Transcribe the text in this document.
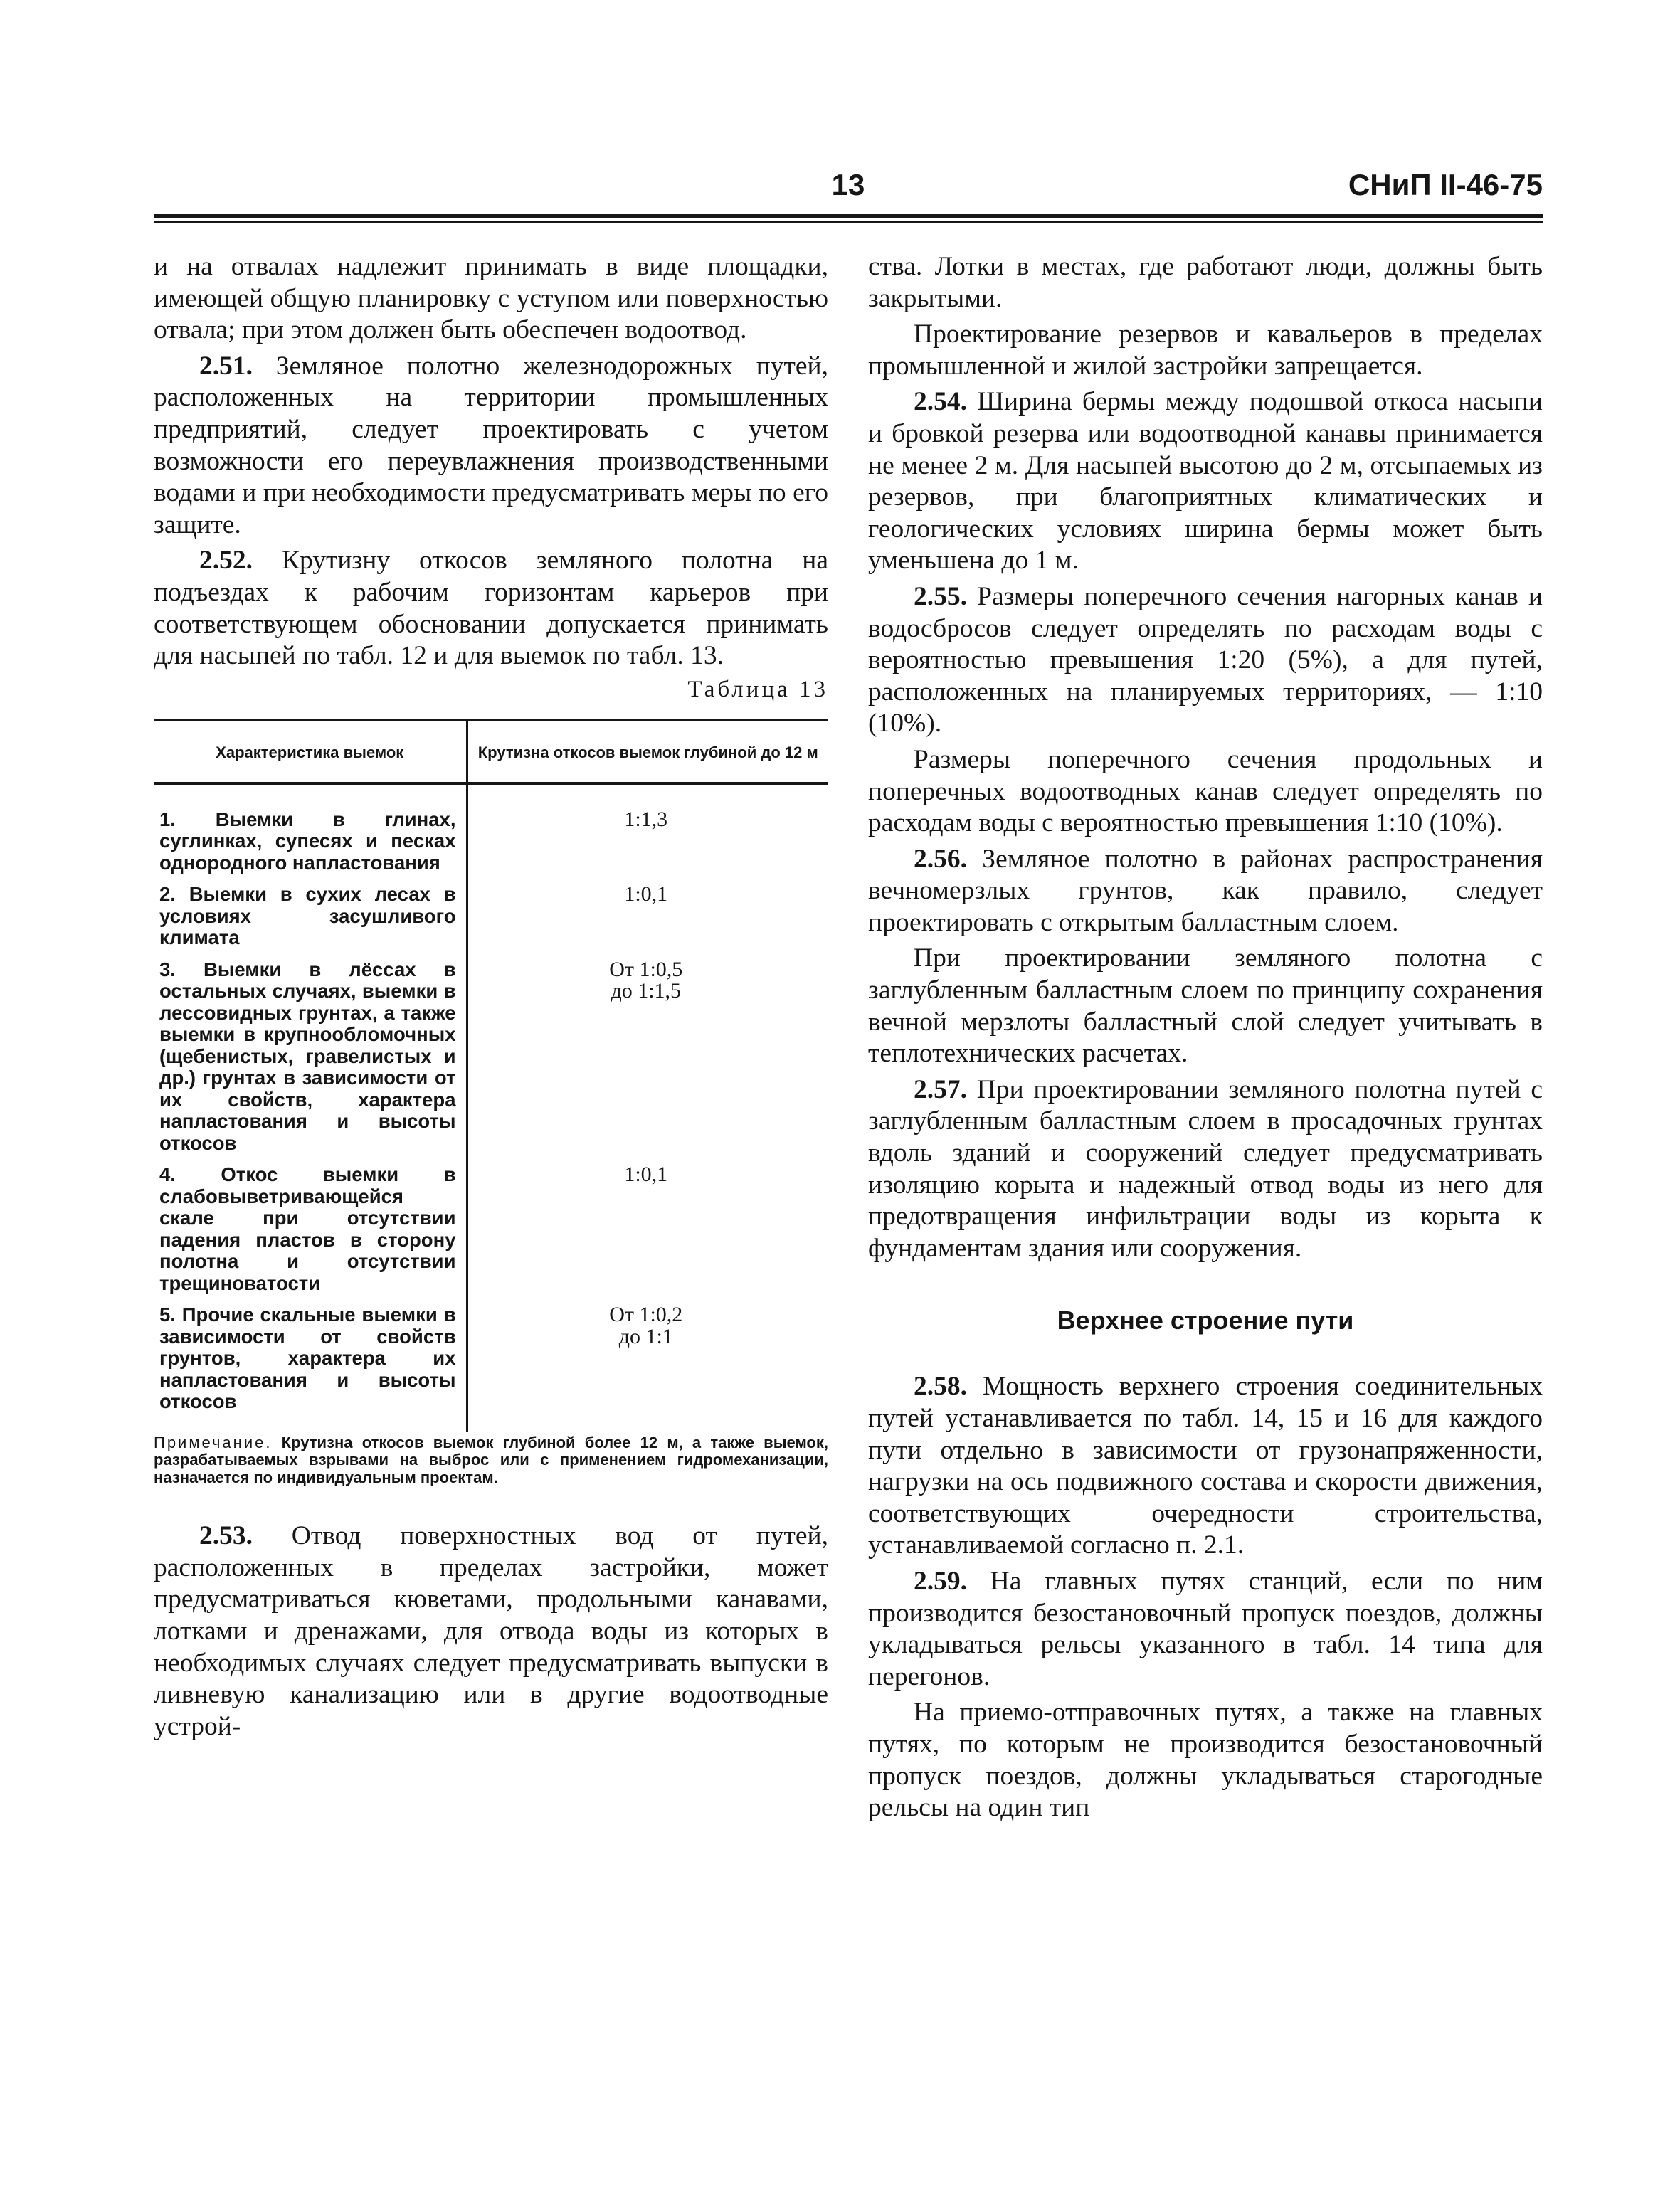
13	СНиП II-46-75

и на отвалах надлежит принимать в виде площадки, имеющей общую планировку с уступом или поверхностью отвала; при этом должен быть обеспечен водоотвод.

2.51. Земляное полотно железнодорожных путей, расположенных на территории промышленных предприятий, следует проектировать с учетом возможности его переувлажнения производственными водами и при необходимости предусматривать меры по его защите.

2.52. Крутизну откосов земляного полотна на подъездах к рабочим горизонтам карьеров при соответствующем обосновании допускается принимать для насыпей по табл. 12 и для выемок по табл. 13.

Таблица 13
Характеристика выемок	Крутизна откосов выемок глубиной до 12 м
1. Выемки в глинах, суглинках, супесях и песках однородного напластования	1:1,3
2. Выемки в сухих лесах в условиях засушливого климата	1:0,1
3. Выемки в лёссах в остальных случаях, выемки в лессовидных грунтах, а также выемки в крупнообломочных (щебенистых, гравелистых и др.) грунтах в зависимости от их свойств, характера напластования и высоты откосов	От 1:0,5
до 1:1,5
4. Откос выемки в слабовыветривающейся скале при отсутствии падения пластов в сторону полотна и отсутствии трещиноватости	1:0,1
5. Прочие скальные выемки в зависимости от свойств грунтов, характера их напластования и высоты откосов	От 1:0,2
до 1:1

Примечание. Крутизна откосов выемок глубиной более 12 м, а также выемок, разрабатываемых взрывами на выброс или с применением гидромеханизации, назначается по индивидуальным проектам.

2.53. Отвод поверхностных вод от путей, расположенных в пределах застройки, может предусматриваться кюветами, продольными канавами, лотками и дренажами, для отвода воды из которых в необходимых случаях следует предусматривать выпуски в ливневую канализацию или в другие водоотводные устрой-

ства. Лотки в местах, где работают люди, должны быть закрытыми.

Проектирование резервов и кавальеров в пределах промышленной и жилой застройки запрещается.

2.54. Ширина бермы между подошвой откоса насыпи и бровкой резерва или водоотводной канавы принимается не менее 2 м. Для насыпей высотою до 2 м, отсыпаемых из резервов, при благоприятных климатических и геологических условиях ширина бермы может быть уменьшена до 1 м.

2.55. Размеры поперечного сечения нагорных канав и водосбросов следует определять по расходам воды с вероятностью превышения 1:20 (5%), а для путей, расположенных на планируемых территориях, — 1:10 (10%).

Размеры поперечного сечения продольных и поперечных водоотводных канав следует определять по расходам воды с вероятностью превышения 1:10 (10%).

2.56. Земляное полотно в районах распространения вечномерзлых грунтов, как правило, следует проектировать с открытым балластным слоем.

При проектировании земляного полотна с заглубленным балластным слоем по принципу сохранения вечной мерзлоты балластный слой следует учитывать в теплотехнических расчетах.

2.57. При проектировании земляного полотна путей с заглубленным балластным слоем в просадочных грунтах вдоль зданий и сооружений следует предусматривать изоляцию корыта и надежный отвод воды из него для предотвращения инфильтрации воды из корыта к фундаментам здания или сооружения.

Верхнее строение пути

2.58. Мощность верхнего строения соединительных путей устанавливается по табл. 14, 15 и 16 для каждого пути отдельно в зависимости от грузонапряженности, нагрузки на ось подвижного состава и скорости движения, соответствующих очередности строительства, устанавливаемой согласно п. 2.1.

2.59. На главных путях станций, если по ним производится безостановочный пропуск поездов, должны укладываться рельсы указанного в табл. 14 типа для перегонов.

На приемо-отправочных путях, а также на главных путях, по которым не производится безостановочный пропуск поездов, должны укладываться старогодные рельсы на один тип
